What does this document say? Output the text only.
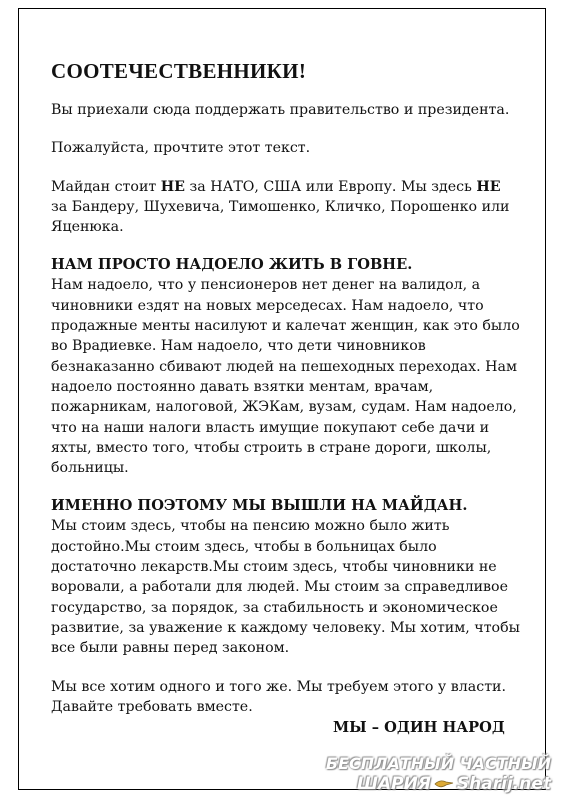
СООТЕЧЕСТВЕННИКИ!

Вы приехали сюда поддержать правительство и президента.

Пожалуйста, прочтите этот текст.

Майдан стоит НЕ за НАТО, США или Европу. Мы здесь НЕ за Бандеру, Шухевича, Тимошенко, Кличко, Порошенко или Яценюка.

НАМ ПРОСТО НАДОЕЛО ЖИТЬ В ГОВНЕ.

Нам надоело, что у пенсионеров нет денег на валидол, а чиновники ездят на новых мерседесах. Нам надоело, что продажные менты насилуют и калечат женщин, как это было во Врадиевке. Нам надоело, что дети чиновников безнаказанно сбивают людей на пешеходных переходах. Нам надоело постоянно давать взятки ментам, врачам, пожарникам, налоговой, ЖЭКам, вузам, судам. Нам надоело, что на наши налоги власть имущие покупают себе дачи и яхты, вместо того, чтобы строить в стране дороги, школы, больницы.

ИМЕННО ПОЭТОМУ МЫ ВЫШЛИ НА МАЙДАН.

Мы стоим здесь, чтобы на пенсию можно было жить достойно.Мы стоим здесь, чтобы в больницах было достаточно лекарств.Мы стоим здесь, чтобы чиновники не воровали, а работали для людей. Мы стоим за справедливое государство, за порядок, за стабильность и экономическое развитие, за уважение к каждому человеку. Мы хотим, чтобы все были равны перед законом.

Мы все хотим одного и того же. Мы требуем этого у власти. Давайте требовать вместе.

МЫ – ОДИН НАРОД
БЕСПЛАТНЫЙ ЧАСТНЫЙ
ШАРИЯ Sharij.net
